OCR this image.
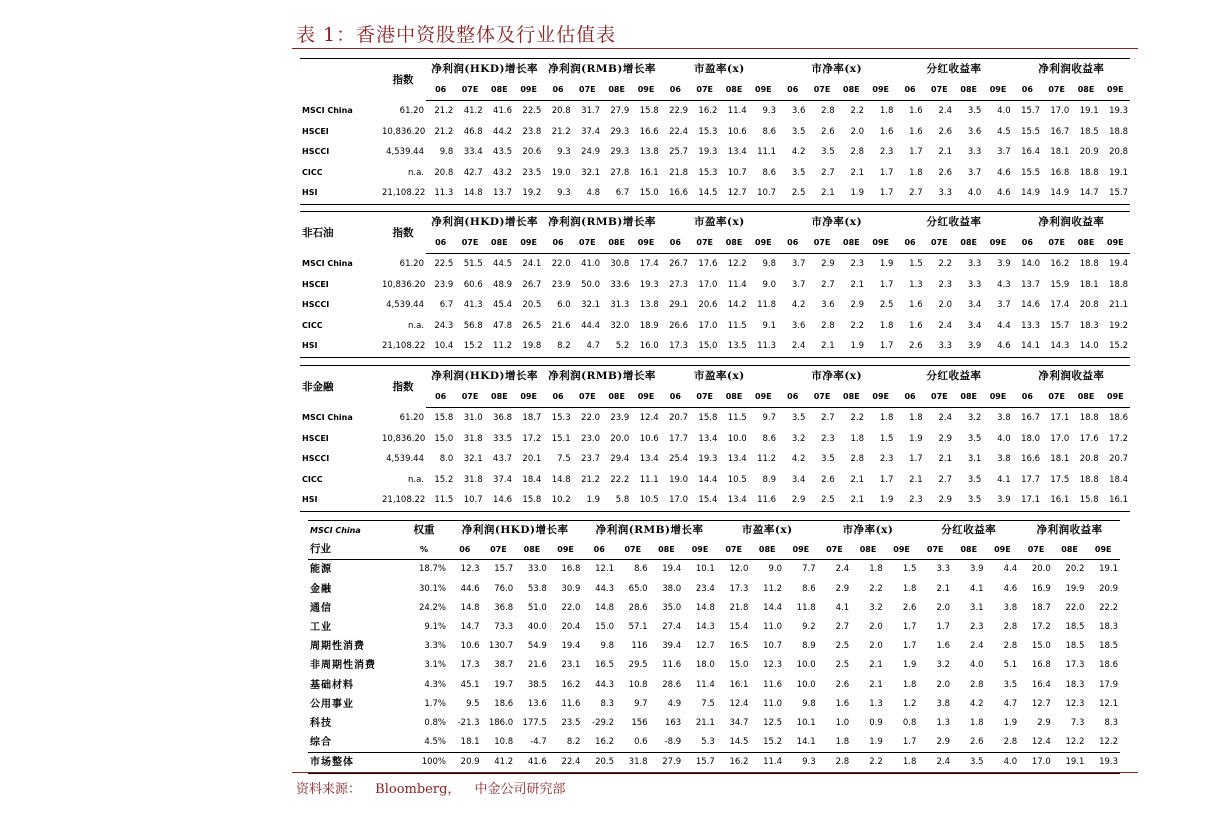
表 1：香港中资股整体及行业估值表
	指数	净利润(HKD)增长率				净利润(RMB)增长率				市盈率(x)				市净率(x)				分红收益率				净利润收益率			
		06	07E	08E	09E	06	07E	08E	09E	06	07E	08E	09E	06	07E	08E	09E	06	07E	08E	09E	06	07E	08E	09E
MSCI China	61.20	21.2	41.2	41.6	22.5	20.8	31.7	27.9	15.8	22.9	16.2	11.4	9.3	3.6	2.8	2.2	1.8	1.6	2.4	3.5	4.0	15.7	17.0	19.1	19.3
HSCEI	10,836.20	21.2	46.8	44.2	23.8	21.2	37.4	29.3	16.6	22.4	15.3	10.6	8.6	3.5	2.6	2.0	1.6	1.6	2.6	3.6	4.5	15.5	16.7	18.5	18.8
HSCCI	4,539.44	9.8	33.4	43.5	20.6	9.3	24.9	29.3	13.8	25.7	19.3	13.4	11.1	4.2	3.5	2.8	2.3	1.7	2.1	3.3	3.7	16.4	18.1	20.9	20.8
CICC	n.a.	20.8	42.7	43.2	23.5	19.0	32.1	27.8	16.1	21.8	15.3	10.7	8.6	3.5	2.7	2.1	1.7	1.8	2.6	3.7	4.6	15.5	16.8	18.8	19.1
HSI	21,108.22	11.3	14.8	13.7	19.2	9.3	4.8	6.7	15.0	16.6	14.5	12.7	10.7	2.5	2.1	1.9	1.7	2.7	3.3	4.0	4.6	14.9	14.9	14.7	15.7
非石油	指数	净利润(HKD)增长率				净利润(RMB)增长率				市盈率(x)				市净率(x)				分红收益率				净利润收益率			
		06	07E	08E	09E	06	07E	08E	09E	06	07E	08E	09E	06	07E	08E	09E	06	07E	08E	09E	06	07E	08E	09E
MSCI China	61.20	22.5	51.5	44.5	24.1	22.0	41.0	30.8	17.4	26.7	17.6	12.2	9.8	3.7	2.9	2.3	1.9	1.5	2.2	3.3	3.9	14.0	16.2	18.8	19.4
HSCEI	10,836.20	23.9	60.6	48.9	26.7	23.9	50.0	33.6	19.3	27.3	17.0	11.4	9.0	3.7	2.7	2.1	1.7	1.3	2.3	3.3	4.3	13.7	15.9	18.1	18.8
HSCCI	4,539.44	6.7	41.3	45.4	20.5	6.0	32.1	31.3	13.8	29.1	20.6	14.2	11.8	4.2	3.6	2.9	2.5	1.6	2.0	3.4	3.7	14.6	17.4	20.8	21.1
CICC	n.a.	24.3	56.8	47.8	26.5	21.6	44.4	32.0	18.9	26.6	17.0	11.5	9.1	3.6	2.8	2.2	1.8	1.6	2.4	3.4	4.4	13.3	15.7	18.3	19.2
HSI	21,108.22	10.4	15.2	11.2	19.8	8.2	4.7	5.2	16.0	17.3	15.0	13.5	11.3	2.4	2.1	1.9	1.7	2.6	3.3	3.9	4.6	14.1	14.3	14.0	15.2
非金融	指数	净利润(HKD)增长率				净利润(RMB)增长率				市盈率(x)				市净率(x)				分红收益率				净利润收益率			
		06	07E	08E	09E	06	07E	08E	09E	06	07E	08E	09E	06	07E	08E	09E	06	07E	08E	09E	06	07E	08E	09E
MSCI China	61.20	15.8	31.0	36.8	18.7	15.3	22.0	23.9	12.4	20.7	15.8	11.5	9.7	3.5	2.7	2.2	1.8	1.8	2.4	3.2	3.8	16.7	17.1	18.8	18.6
HSCEI	10,836.20	15.0	31.8	33.5	17.2	15.1	23.0	20.0	10.6	17.7	13.4	10.0	8.6	3.2	2.3	1.8	1.5	1.9	2.9	3.5	4.0	18.0	17.0	17.6	17.2
HSCCI	4,539.44	8.0	32.1	43.7	20.1	7.5	23.7	29.4	13.4	25.4	19.3	13.4	11.2	4.2	3.5	2.8	2.3	1.7	2.1	3.1	3.8	16.6	18.1	20.8	20.7
CICC	n.a.	15.2	31.8	37.4	18.4	14.8	21.2	22.2	11.1	19.0	14.4	10.5	8.9	3.4	2.6	2.1	1.7	2.1	2.7	3.5	4.1	17.7	17.5	18.8	18.4
HSI	21,108.22	11.5	10.7	14.6	15.8	10.2	1.9	5.8	10.5	17.0	15.4	13.4	11.6	2.9	2.5	2.1	1.9	2.3	2.9	3.5	3.9	17.1	16.1	15.8	16.1
MSCI China	权重	净利润(HKD)增长率				净利润(RMB)增长率				市盈率(x)			市净率(x)			分红收益率			净利润收益率		
行业	%	06	07E	08E	09E	06	07E	08E	09E	07E	08E	09E	07E	08E	09E	07E	08E	09E	07E	08E	09E
能源	18.7%	12.3	15.7	33.0	16.8	12.1	8.6	19.4	10.1	12.0	9.0	7.7	2.4	1.8	1.5	3.3	3.9	4.4	20.0	20.2	19.1
金融	30.1%	44.6	76.0	53.8	30.9	44.3	65.0	38.0	23.4	17.3	11.2	8.6	2.9	2.2	1.8	2.1	4.1	4.6	16.9	19.9	20.9
通信	24.2%	14.8	36.8	51.0	22.0	14.8	28.6	35.0	14.8	21.8	14.4	11.8	4.1	3.2	2.6	2.0	3.1	3.8	18.7	22.0	22.2
工业	9.1%	14.7	73.3	40.0	20.4	15.0	57.1	27.4	14.3	15.4	11.0	9.2	2.7	2.0	1.7	1.7	2.3	2.8	17.2	18.5	18.3
周期性消费	3.3%	10.6	130.7	54.9	19.4	9.8	116	39.4	12.7	16.5	10.7	8.9	2.5	2.0	1.7	1.6	2.4	2.8	15.0	18.5	18.5
非周期性消费	3.1%	17.3	38.7	21.6	23.1	16.5	29.5	11.6	18.0	15.0	12.3	10.0	2.5	2.1	1.9	3.2	4.0	5.1	16.8	17.3	18.6
基础材料	4.3%	45.1	19.7	38.5	16.2	44.3	10.8	28.6	11.4	16.1	11.6	10.0	2.6	2.1	1.8	2.0	2.8	3.5	16.4	18.3	17.9
公用事业	1.7%	9.5	18.6	13.6	11.6	8.3	9.7	4.9	7.5	12.4	11.0	9.8	1.6	1.3	1.2	3.8	4.2	4.7	12.7	12.3	12.1
科技	0.8%	-21.3	186.0	177.5	23.5	-29.2	156	163	21.1	34.7	12.5	10.1	1.0	0.9	0.8	1.3	1.8	1.9	2.9	7.3	8.3
综合	4.5%	18.1	10.8	-4.7	8.2	16.2	0.6	-8.9	5.3	14.5	15.2	14.1	1.8	1.9	1.7	2.9	2.6	2.8	12.4	12.2	12.2
市场整体	100%	20.9	41.2	41.6	22.4	20.5	31.8	27.9	15.7	16.2	11.4	9.3	2.8	2.2	1.8	2.4	3.5	4.0	17.0	19.1	19.3
资料来源： Bloomberg， 中金公司研究部
